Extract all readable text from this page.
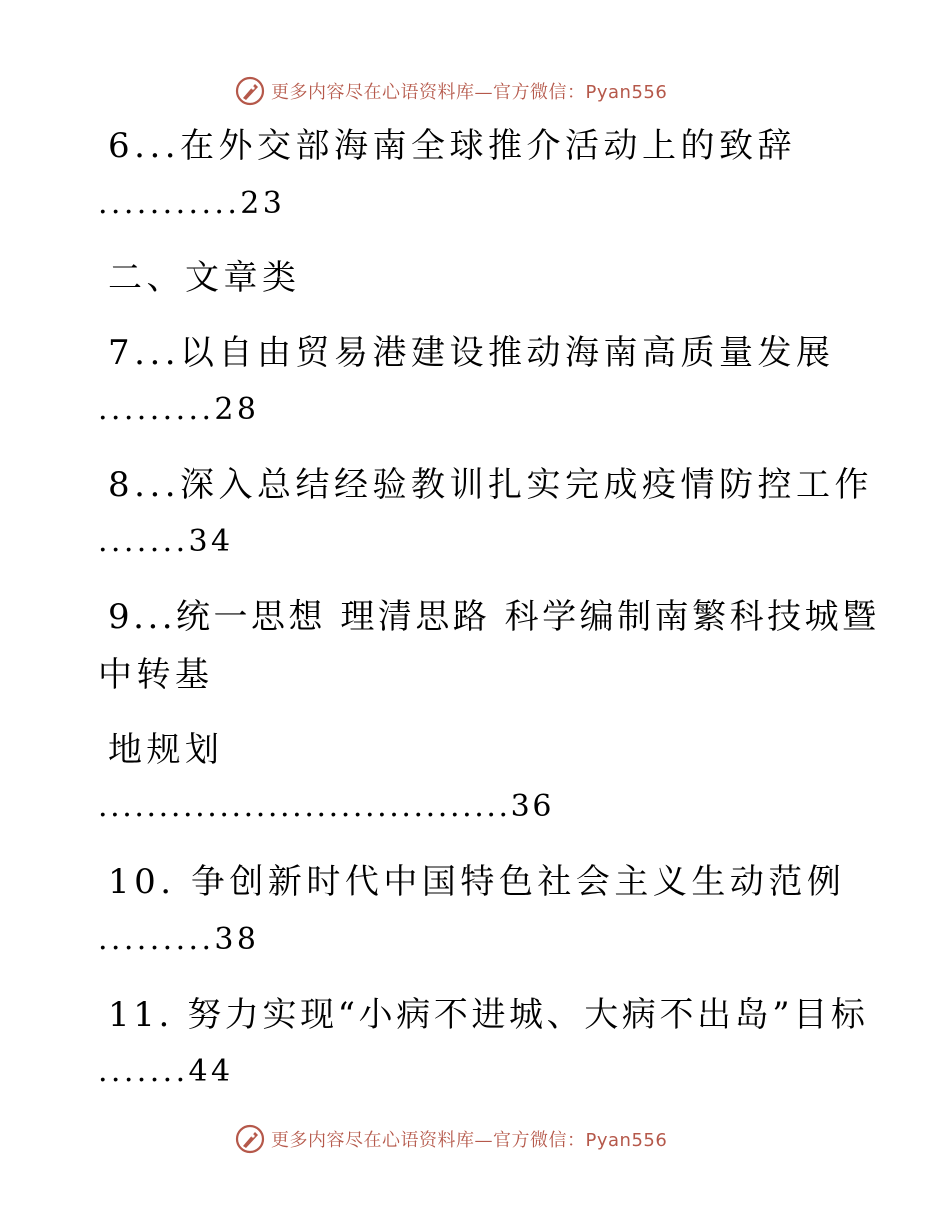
更多内容尽在心语资料库—官方微信：Pyan556
6...在外交部海南全球推介活动上的致辞
...........23
二、文章类
7...以自由贸易港建设推动海南高质量发展
.........28
8...深入总结经验教训扎实完成疫情防控工作
.......34
9...统一思想 理清思路 科学编制南繁科技城暨
中转基
地规划
..................................36
10. 争创新时代中国特色社会主义生动范例
.........38
11. 努力实现“小病不进城、大病不出岛”目标
.......44
更多内容尽在心语资料库—官方微信：Pyan556
